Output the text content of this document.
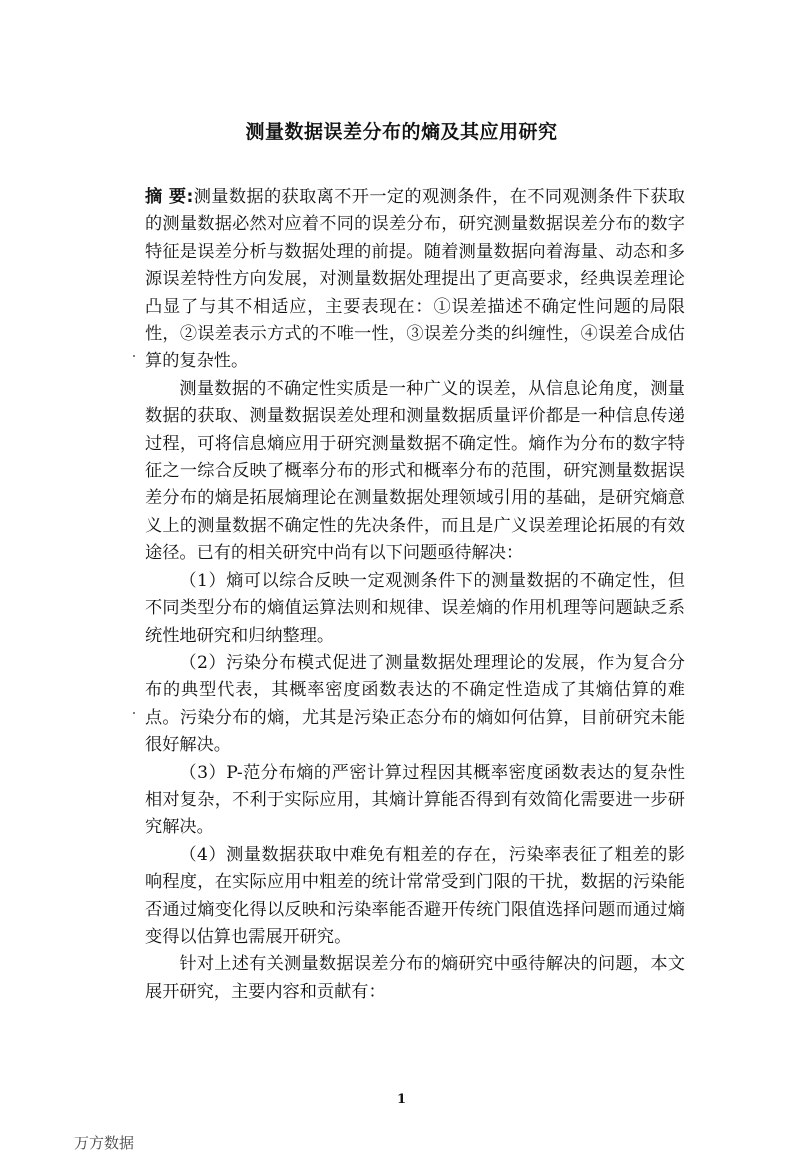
测量数据误差分布的熵及其应用研究

摘 要:测量数据的获取离不开一定的观测条件，在不同观测条件下获取的测量数据必然对应着不同的误差分布，研究测量数据误差分布的数字特征是误差分析与数据处理的前提。随着测量数据向着海量、动态和多源误差特性方向发展，对测量数据处理提出了更高要求，经典误差理论凸显了与其不相适应，主要表现在：①误差描述不确定性问题的局限性，②误差表示方式的不唯一性，③误差分类的纠缠性，④误差合成估算的复杂性。

测量数据的不确定性实质是一种广义的误差，从信息论角度，测量数据的获取、测量数据误差处理和测量数据质量评价都是一种信息传递过程，可将信息熵应用于研究测量数据不确定性。熵作为分布的数字特征之一综合反映了概率分布的形式和概率分布的范围，研究测量数据误差分布的熵是拓展熵理论在测量数据处理领域引用的基础，是研究熵意义上的测量数据不确定性的先决条件，而且是广义误差理论拓展的有效途径。已有的相关研究中尚有以下问题亟待解决：

（1）熵可以综合反映一定观测条件下的测量数据的不确定性，但不同类型分布的熵值运算法则和规律、误差熵的作用机理等问题缺乏系统性地研究和归纳整理。

（2）污染分布模式促进了测量数据处理理论的发展，作为复合分布的典型代表，其概率密度函数表达的不确定性造成了其熵估算的难点。污染分布的熵，尤其是污染正态分布的熵如何估算，目前研究未能很好解决。

（3）P-范分布熵的严密计算过程因其概率密度函数表达的复杂性相对复杂，不利于实际应用，其熵计算能否得到有效简化需要进一步研究解决。

（4）测量数据获取中难免有粗差的存在，污染率表征了粗差的影响程度，在实际应用中粗差的统计常常受到门限的干扰，数据的污染能否通过熵变化得以反映和污染率能否避开传统门限值选择问题而通过熵变得以估算也需展开研究。

针对上述有关测量数据误差分布的熵研究中亟待解决的问题，本文展开研究，主要内容和贡献有：

1
万方数据
